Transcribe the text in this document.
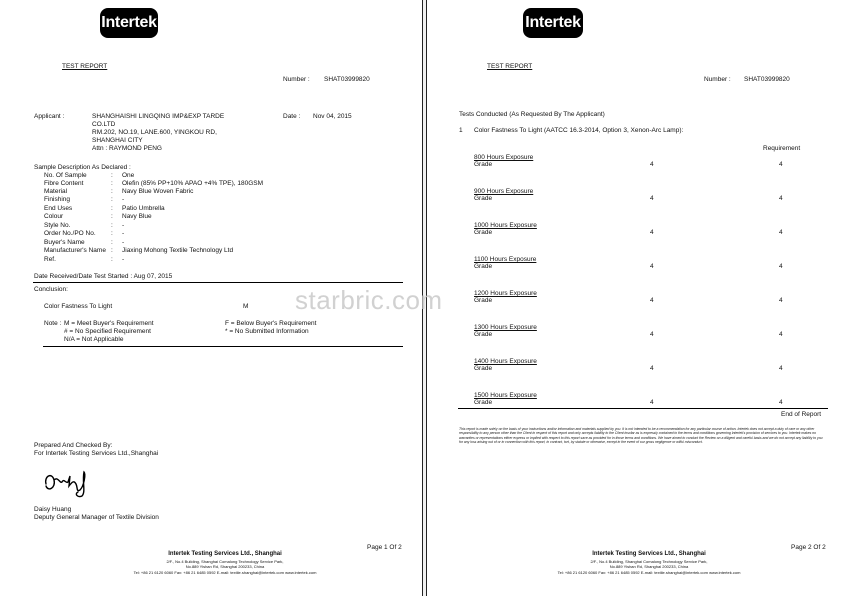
Intertek
TEST REPORT
Number : SHAT03999820
Applicant :	SHANGHAISHI LINGQING IMP&EXP TARDE
CO.LTD
RM.202, NO.19, LANE.600, YINGKOU RD,
SHANGHAI CITY
Attn : RAYMOND PENG
Date : Nov 04, 2015
Sample Description As Declared :
No. Of Sample	: One
Fibre Content	: Olefin (85% PP+10% APAO +4% TPE), 180GSM
Material	: Navy Blue Woven Fabric
Finishing	: -
End Uses	: Patio Umbrella
Colour	: Navy Blue
Style No.	: -
Order No./PO No. : -
Buyer's Name	: -
Manufacturer's Name : Jiaxing Mohong Textile Technology Ltd
Ref.	: -
Date Received/Date Test Started : Aug 07, 2015
Conclusion:
Color Fastness To Light	M
Note : M = Meet Buyer's Requirement
# = No Specified Requirement
N/A = Not Applicable
F = Below Buyer's Requirement
* = No Submitted Information
Prepared And Checked By:
For Intertek Testing Services Ltd.,Shanghai
Daisy Huang
Deputy General Manager of Textile Division
Page 1 Of 2
Intertek Testing Services Ltd., Shanghai
2/F., No.4 Building, Shanghai Comalong Technology Service Park,
No.889 Yishan Rd, Shanghai 200233, China
Tel: +86 21 6120 6060 Fax: +86 21 6485 0592 E-mail: textile.shanghai@intertek.com www.intertek.com
Intertek
TEST REPORT
Number : SHAT03999820
Tests Conducted (As Requested By The Applicant)
1 Color Fastness To Light (AATCC 16.3-2014, Option 3, Xenon-Arc Lamp):
Requirement
800 Hours Exposure
Grade	4	4
900 Hours Exposure
Grade	4	4
1000 Hours Exposure
Grade	4	4
1100 Hours Exposure
Grade	4	4
1200 Hours Exposure
Grade	4	4
1300 Hours Exposure
Grade	4	4
1400 Hours Exposure
Grade	4	4
1500 Hours Exposure
Grade	4	4
End of Report
This report is made solely on the basis of your instructions and/or information and materials supplied by you. It is not intended to be a recommendation for any particular course of action. Intertek does not accept a duty of care or any other responsibility to any person other than the Client in respect of this report and only accepts liability to the Client insofar as is expressly contained in the terms and conditions governing Intertek's provision of services to you. Intertek makes no warranties or representations either express or implied with respect to this report save as provided for in those terms and conditions. We have aimed to conduct the Review on a diligent and careful basis and we do not accept any liability to you for any loss arising out of or in connection with this report, in contract, tort, by statute or otherwise, except in the event of our gross negligence or wilful misconduct.
Page 2 Of 2
Intertek Testing Services Ltd., Shanghai
2/F., No.4 Building, Shanghai Comalong Technology Service Park,
No.889 Yishan Rd, Shanghai 200233, China
Tel: +86 21 6120 6060 Fax: +86 21 6485 0592 E-mail: textile.shanghai@intertek.com www.intertek.com
starbric.com
